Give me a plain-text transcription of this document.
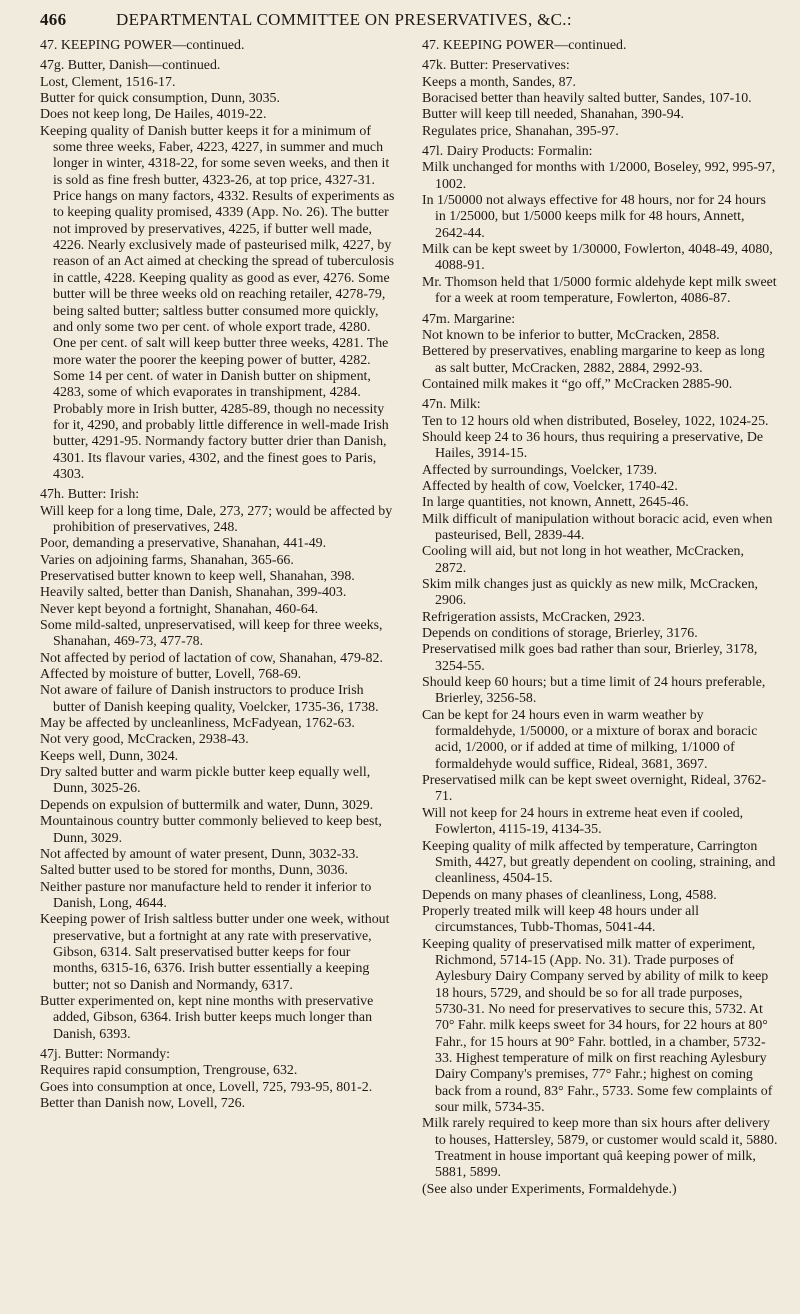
466	DEPARTMENTAL COMMITTEE ON PRESERVATIVES, &C.:
47. KEEPING POWER—continued.
47g. Butter, Danish—continued.
Lost, Clement, 1516-17.
Butter for quick consumption, Dunn, 3035.
Does not keep long, De Hailes, 4019-22.
Keeping quality of Danish butter keeps it for a minimum of some three weeks, Faber, 4223, 4227, in summer and much longer in winter, 4318-22, for some seven weeks, and then it is sold as fine fresh butter, 4323-26, at top price, 4327-31. Price hangs on many factors, 4332. Results of experiments as to keeping quality promised, 4339 (App. No. 26). The butter not improved by preservatives, 4225, if butter well made, 4226. Nearly exclusively made of pasteurised milk, 4227, by reason of an Act aimed at checking the spread of tuberculosis in cattle, 4228. Keeping quality as good as ever, 4276. Some butter will be three weeks old on reaching retailer, 4278-79, being salted butter; saltless butter consumed more quickly, and only some two per cent. of whole export trade, 4280. One per cent. of salt will keep butter three weeks, 4281. The more water the poorer the keeping power of butter, 4282. Some 14 per cent. of water in Danish butter on shipment, 4283, some of which evaporates in transhipment, 4284. Probably more in Irish butter, 4285-89, though no necessity for it, 4290, and probably little difference in well-made Irish butter, 4291-95. Normandy factory butter drier than Danish, 4301. Its flavour varies, 4302, and the finest goes to Paris, 4303.
47h. Butter: Irish:
Will keep for a long time, Dale, 273, 277; would be affected by prohibition of preservatives, 248.
Poor, demanding a preservative, Shanahan, 441-49.
Varies on adjoining farms, Shanahan, 365-66.
Preservatised butter known to keep well, Shanahan, 398.
Heavily salted, better than Danish, Shanahan, 399-403.
Never kept beyond a fortnight, Shanahan, 460-64.
Some mild-salted, unpreservatised, will keep for three weeks, Shanahan, 469-73, 477-78.
Not affected by period of lactation of cow, Shanahan, 479-82.
Affected by moisture of butter, Lovell, 768-69.
Not aware of failure of Danish instructors to produce Irish butter of Danish keeping quality, Voelcker, 1735-36, 1738.
May be affected by uncleanliness, McFadyean, 1762-63.
Not very good, McCracken, 2938-43.
Keeps well, Dunn, 3024.
Dry salted butter and warm pickle butter keep equally well, Dunn, 3025-26.
Depends on expulsion of buttermilk and water, Dunn, 3029.
Mountainous country butter commonly believed to keep best, Dunn, 3029.
Not affected by amount of water present, Dunn, 3032-33.
Salted butter used to be stored for months, Dunn, 3036.
Neither pasture nor manufacture held to render it inferior to Danish, Long, 4644.
Keeping power of Irish saltless butter under one week, without preservative, but a fortnight at any rate with preservative, Gibson, 6314. Salt preservatised butter keeps for four months, 6315-16, 6376. Irish butter essentially a keeping butter; not so Danish and Normandy, 6317.
Butter experimented on, kept nine months with preservative added, Gibson, 6364. Irish butter keeps much longer than Danish, 6393.
47j. Butter: Normandy:
Requires rapid consumption, Trengrouse, 632.
Goes into consumption at once, Lovell, 725, 793-95, 801-2.
Better than Danish now, Lovell, 726.
47. KEEPING POWER—continued.
47k. Butter: Preservatives:
Keeps a month, Sandes, 87.
Boracised better than heavily salted butter, Sandes, 107-10.
Butter will keep till needed, Shanahan, 390-94.
Regulates price, Shanahan, 395-97.
47l. Dairy Products: Formalin:
Milk unchanged for months with 1/2000, Boseley, 992, 995-97, 1002.
In 1/50000 not always effective for 48 hours, nor for 24 hours in 1/25000, but 1/5000 keeps milk for 48 hours, Annett, 2642-44.
Milk can be kept sweet by 1/30000, Fowlerton, 4048-49, 4080, 4088-91.
Mr. Thomson held that 1/5000 formic aldehyde kept milk sweet for a week at room temperature, Fowlerton, 4086-87.
47m. Margarine:
Not known to be inferior to butter, McCracken, 2858.
Bettered by preservatives, enabling margarine to keep as long as salt butter, McCracken, 2882, 2884, 2992-93.
Contained milk makes it “go off,” McCracken 2885-90.
47n. Milk:
Ten to 12 hours old when distributed, Boseley, 1022, 1024-25.
Should keep 24 to 36 hours, thus requiring a preservative, De Hailes, 3914-15.
Affected by surroundings, Voelcker, 1739.
Affected by health of cow, Voelcker, 1740-42.
In large quantities, not known, Annett, 2645-46.
Milk difficult of manipulation without boracic acid, even when pasteurised, Bell, 2839-44.
Cooling will aid, but not long in hot weather, McCracken, 2872.
Skim milk changes just as quickly as new milk, McCracken, 2906.
Refrigeration assists, McCracken, 2923.
Depends on conditions of storage, Brierley, 3176.
Preservatised milk goes bad rather than sour, Brierley, 3178, 3254-55.
Should keep 60 hours; but a time limit of 24 hours preferable, Brierley, 3256-58.
Can be kept for 24 hours even in warm weather by formaldehyde, 1/50000, or a mixture of borax and boracic acid, 1/2000, or if added at time of milking, 1/1000 of formaldehyde would suffice, Rideal, 3681, 3697.
Preservatised milk can be kept sweet overnight, Rideal, 3762-71.
Will not keep for 24 hours in extreme heat even if cooled, Fowlerton, 4115-19, 4134-35.
Keeping quality of milk affected by temperature, Carrington Smith, 4427, but greatly dependent on cooling, straining, and cleanliness, 4504-15.
Depends on many phases of cleanliness, Long, 4588.
Properly treated milk will keep 48 hours under all circumstances, Tubb-Thomas, 5041-44.
Keeping quality of preservatised milk matter of experiment, Richmond, 5714-15 (App. No. 31). Trade purposes of Aylesbury Dairy Company served by ability of milk to keep 18 hours, 5729, and should be so for all trade purposes, 5730-31. No need for preservatives to secure this, 5732. At 70° Fahr. milk keeps sweet for 34 hours, for 22 hours at 80° Fahr., for 15 hours at 90° Fahr. bottled, in a chamber, 5732-33. Highest temperature of milk on first reaching Aylesbury Dairy Company's premises, 77° Fahr.; highest on coming back from a round, 83° Fahr., 5733. Some few complaints of sour milk, 5734-35.
Milk rarely required to keep more than six hours after delivery to houses, Hattersley, 5879, or customer would scald it, 5880. Treatment in house important quâ keeping power of milk, 5881, 5899.
(See also under Experiments, Formaldehyde.)
